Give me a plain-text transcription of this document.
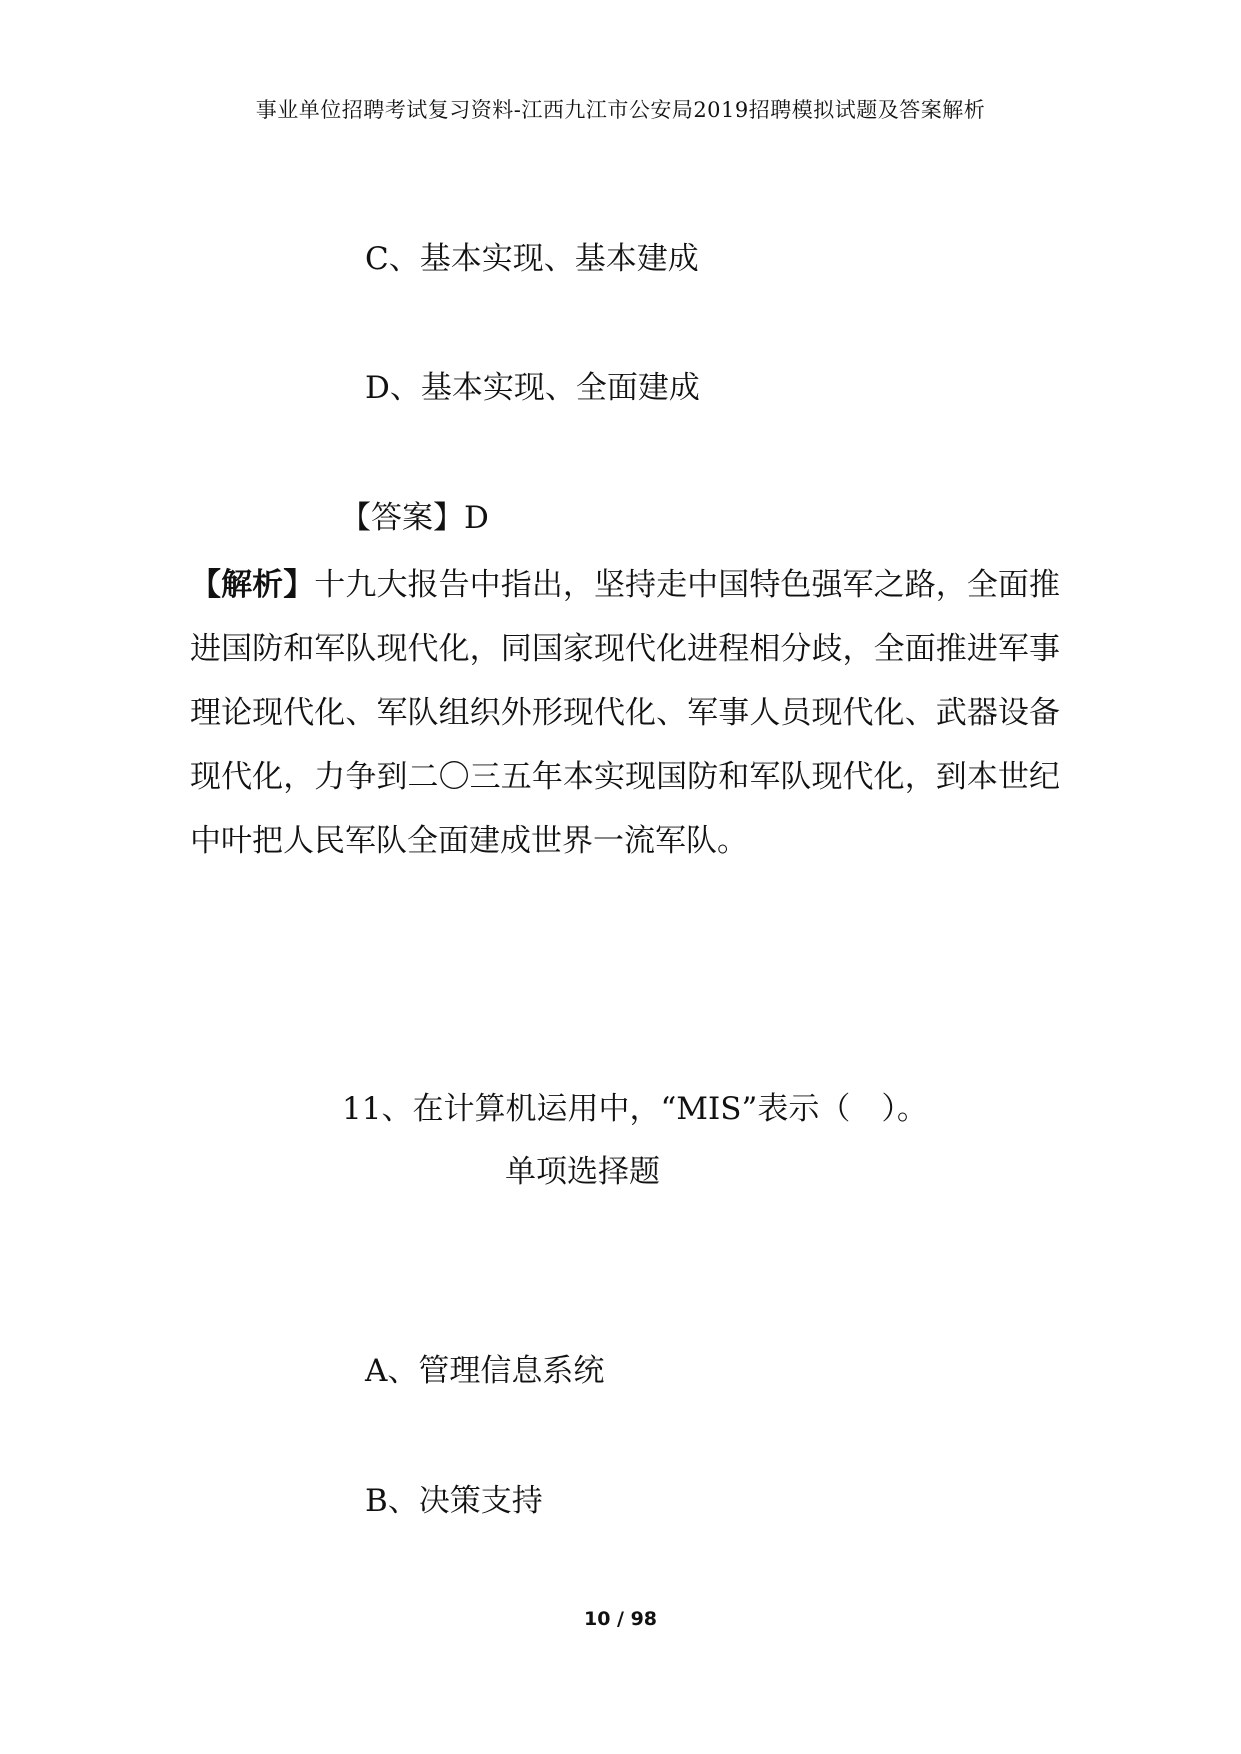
事业单位招聘考试复习资料-江西九江市公安局2019招聘模拟试题及答案解析
C、基本实现、基本建成
D、基本实现、全面建成
【答案】D
【解析】十九大报告中指出，坚持走中国特色强军之路，全面推进国防和军队现代化，同国家现代化进程相分歧，全面推进军事理论现代化、军队组织外形现代化、军事人员现代化、武器设备现代化，力争到二〇三五年本实现国防和军队现代化，到本世纪中叶把人民军队全面建成世界一流军队。
11、在计算机运用中，“MIS”表示（　）。
单项选择题
A、管理信息系统
B、决策支持
10 / 98
